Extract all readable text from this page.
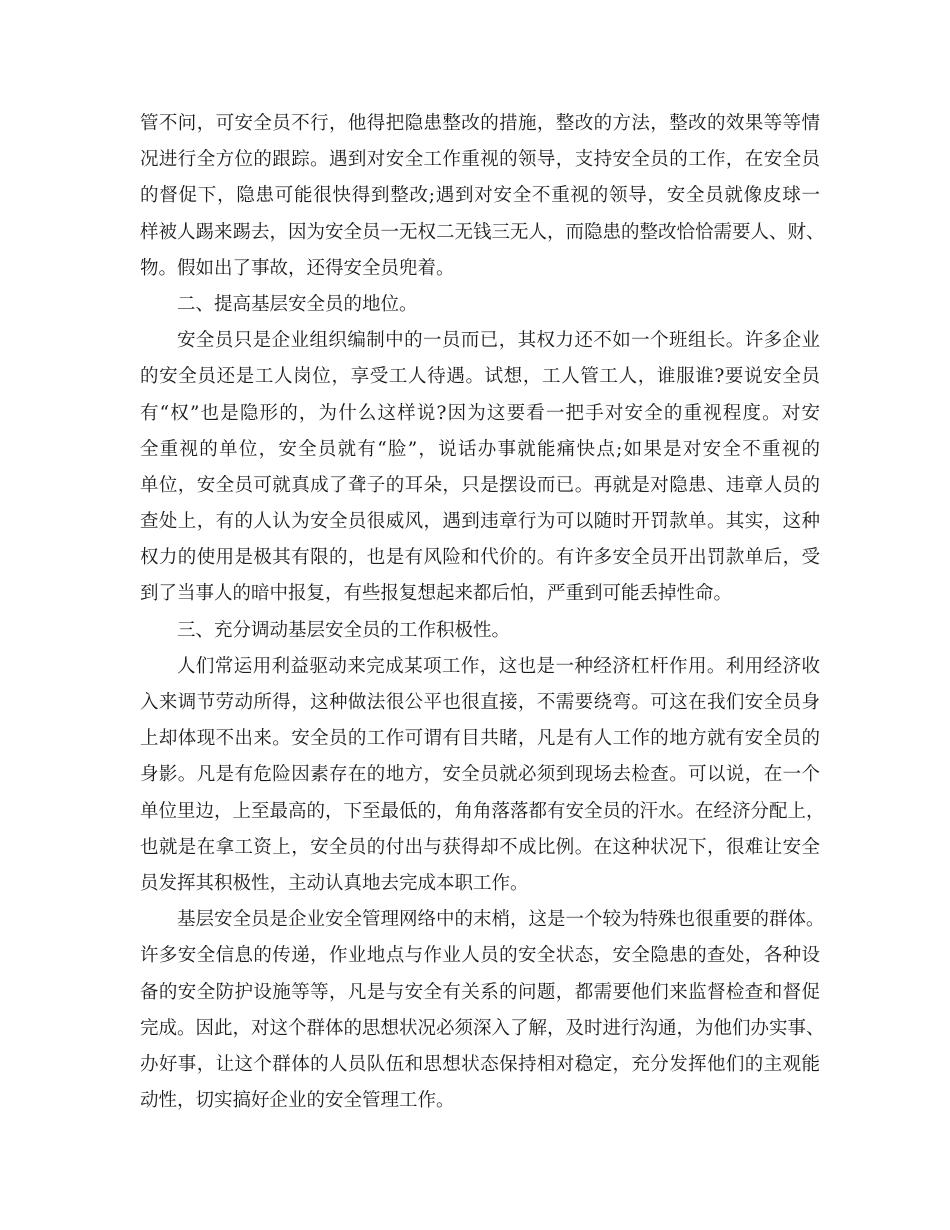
管不问，可安全员不行，他得把隐患整改的措施，整改的方法，整改的效果等等情
况进行全方位的跟踪。遇到对安全工作重视的领导，支持安全员的工作，在安全员
的督促下，隐患可能很快得到整改;遇到对安全不重视的领导，安全员就像皮球一
样被人踢来踢去，因为安全员一无权二无钱三无人，而隐患的整改恰恰需要人、财、
物。假如出了事故，还得安全员兜着。
二、提高基层安全员的地位。
安全员只是企业组织编制中的一员而已，其权力还不如一个班组长。许多企业
的安全员还是工人岗位，享受工人待遇。试想，工人管工人，谁服谁?要说安全员
有“权”也是隐形的，为什么这样说?因为这要看一把手对安全的重视程度。对安
全重视的单位，安全员就有“脸”，说话办事就能痛快点;如果是对安全不重视的
单位，安全员可就真成了聋子的耳朵，只是摆设而已。再就是对隐患、违章人员的
查处上，有的人认为安全员很威风，遇到违章行为可以随时开罚款单。其实，这种
权力的使用是极其有限的，也是有风险和代价的。有许多安全员开出罚款单后，受
到了当事人的暗中报复，有些报复想起来都后怕，严重到可能丢掉性命。
三、充分调动基层安全员的工作积极性。
人们常运用利益驱动来完成某项工作，这也是一种经济杠杆作用。利用经济收
入来调节劳动所得，这种做法很公平也很直接，不需要绕弯。可这在我们安全员身
上却体现不出来。安全员的工作可谓有目共睹，凡是有人工作的地方就有安全员的
身影。凡是有危险因素存在的地方，安全员就必须到现场去检查。可以说，在一个
单位里边，上至最高的，下至最低的，角角落落都有安全员的汗水。在经济分配上，
也就是在拿工资上，安全员的付出与获得却不成比例。在这种状况下，很难让安全
员发挥其积极性，主动认真地去完成本职工作。
基层安全员是企业安全管理网络中的末梢，这是一个较为特殊也很重要的群体。
许多安全信息的传递，作业地点与作业人员的安全状态，安全隐患的查处，各种设
备的安全防护设施等等，凡是与安全有关系的问题，都需要他们来监督检查和督促
完成。因此，对这个群体的思想状况必须深入了解，及时进行沟通，为他们办实事、
办好事，让这个群体的人员队伍和思想状态保持相对稳定，充分发挥他们的主观能
动性，切实搞好企业的安全管理工作。
